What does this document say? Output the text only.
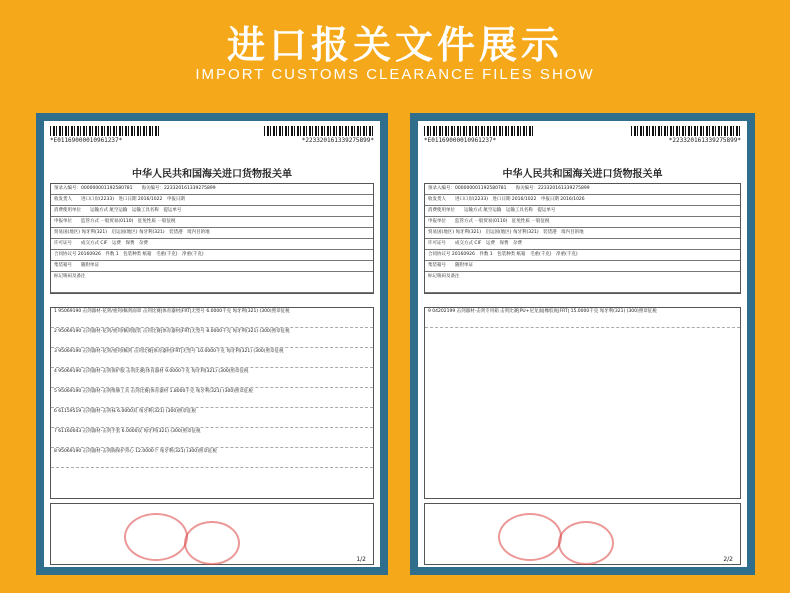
进口报关文件展示
IMPORT CUSTOMS CLEARANCE FILES SHOW
*E01169000010961237*	*223320161339275899*
中华人民共和国海关进口货物报关单
预录入编号：000000001192580781　　海关编号：223320161339275899
收发货人　　进口口岸(2233)　进口日期 2016/1022　申报日期
消费使用单位　　运输方式 航空运输　运输工具名称　提运单号
申报单位　　监管方式 一般贸易(0110)　征免性质 一般征税
贸易国(地区) 匈牙利(321)　启运国(地区) 匈牙利(321)　装货港　境内目的地
许可证号　　成交方式 CIF　运费　保费　杂费
合同协议号 20160926　件数 1　包装种类 纸箱　毛重(千克)　净重(千克)
集装箱号　　随附单证　
标记唛码及备注
1 95069190 击剑器材-花剑/重剑/佩剑面罩 击剑比赛|体育器材|FRT|无型号 6.0000千克 匈牙利(321) (300)照章征税
2 95069190 击剑器材-花剑/重剑/佩剑服装 击剑比赛|体育器材|FRT|无型号 8.0000千克 匈牙利(321) (300)照章征税
3 95069190 击剑器材-花剑/重剑/佩剑 击剑比赛|体育器材|FRT|无型号 10.0000千克 匈牙利(321) (300)照章征税
4 95069190 击剑器材-击剑保护服 击剑比赛|体育器材 9.0000千克 匈牙利(321) (300)照章征税
5 95069190 击剑器材-击剑维修工具 击剑比赛|体育器材 1.8000千克 匈牙利(321) (300)照章征税
6 61159519 击剑器材-击剑袜 6.0000双 匈牙利(321) (300)照章征税
7 61160043 击剑器材-击剑手套 6.0000双 匈牙利(321) (300)照章征税
8 95069190 击剑器材-击剑胸保护背心 12.0000个 匈牙利(321) (300)照章征税
1/2
*E01169000010961237*	*223320161339275899*
中华人民共和国海关进口货物报关单
预录入编号：000000001192580781　　海关编号：223320161339275899
收发货人　　进口口岸(2233)　进口日期 2016/1022　申报日期 2016/1026
消费使用单位　　运输方式 航空运输　运输工具名称　提运单号
申报单位　　监管方式 一般贸易(0110)　征免性质 一般征税
贸易国(地区) 匈牙利(321)　启运国(地区) 匈牙利(321)　装货港　境内目的地
许可证号　　成交方式 CIF　运费　保费　杂费
合同协议号 20160926　件数 1　包装种类 纸箱　毛重(千克)　净重(千克)
集装箱号　　随附单证　
标记唛码及备注
9 04202199 击剑器材-击剑专用箱 击剑比赛|PU+尼龙面|橡胶底|FRT| 15.0000千克 匈牙利(321) (300)照章征税
2/2
